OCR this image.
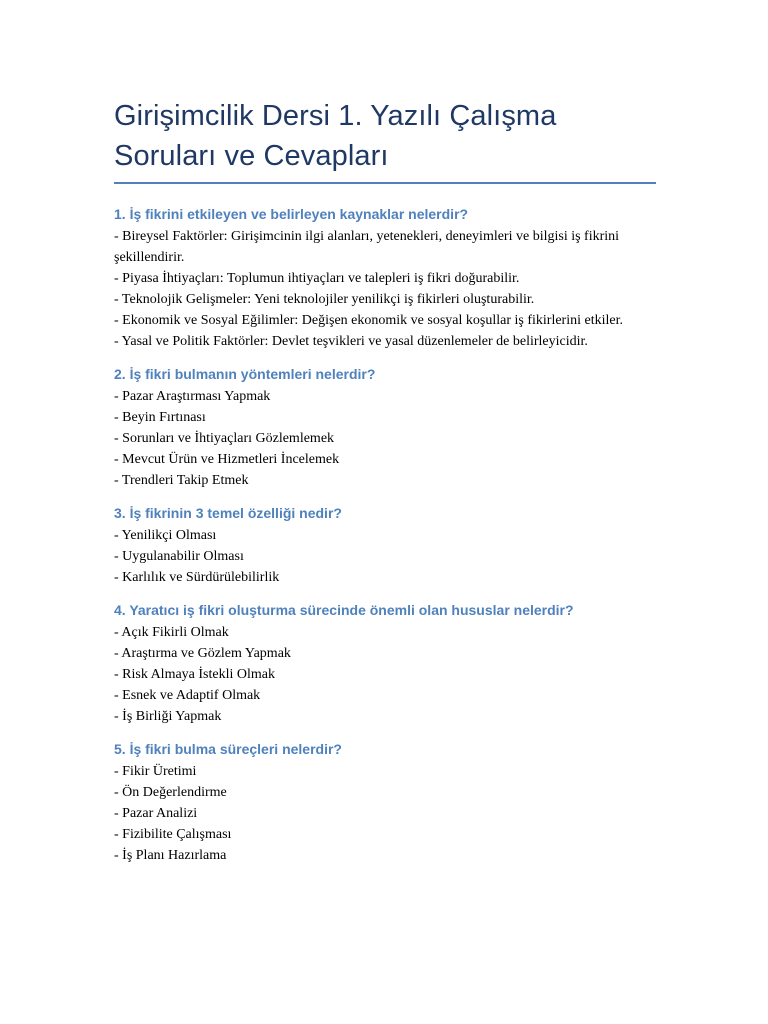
Girişimcilik Dersi 1. Yazılı Çalışma Soruları ve Cevapları
1. İş fikrini etkileyen ve belirleyen kaynaklar nelerdir?
- Bireysel Faktörler: Girişimcinin ilgi alanları, yetenekleri, deneyimleri ve bilgisi iş fikrini şekillendirir.
- Piyasa İhtiyaçları: Toplumun ihtiyaçları ve talepleri iş fikri doğurabilir.
- Teknolojik Gelişmeler: Yeni teknolojiler yenilikçi iş fikirleri oluşturabilir.
- Ekonomik ve Sosyal Eğilimler: Değişen ekonomik ve sosyal koşullar iş fikirlerini etkiler.
- Yasal ve Politik Faktörler: Devlet teşvikleri ve yasal düzenlemeler de belirleyicidir.
2. İş fikri bulmanın yöntemleri nelerdir?
- Pazar Araştırması Yapmak
- Beyin Fırtınası
- Sorunları ve İhtiyaçları Gözlemlemek
- Mevcut Ürün ve Hizmetleri İncelemek
- Trendleri Takip Etmek
3. İş fikrinin 3 temel özelliği nedir?
- Yenilikçi Olması
- Uygulanabilir Olması
- Karlılık ve Sürdürülebilirlik
4. Yaratıcı iş fikri oluşturma sürecinde önemli olan hususlar nelerdir?
- Açık Fikirli Olmak
- Araştırma ve Gözlem Yapmak
- Risk Almaya İstekli Olmak
- Esnek ve Adaptif Olmak
- İş Birliği Yapmak
5. İş fikri bulma süreçleri nelerdir?
- Fikir Üretimi
- Ön Değerlendirme
- Pazar Analizi
- Fizibilite Çalışması
- İş Planı Hazırlama
